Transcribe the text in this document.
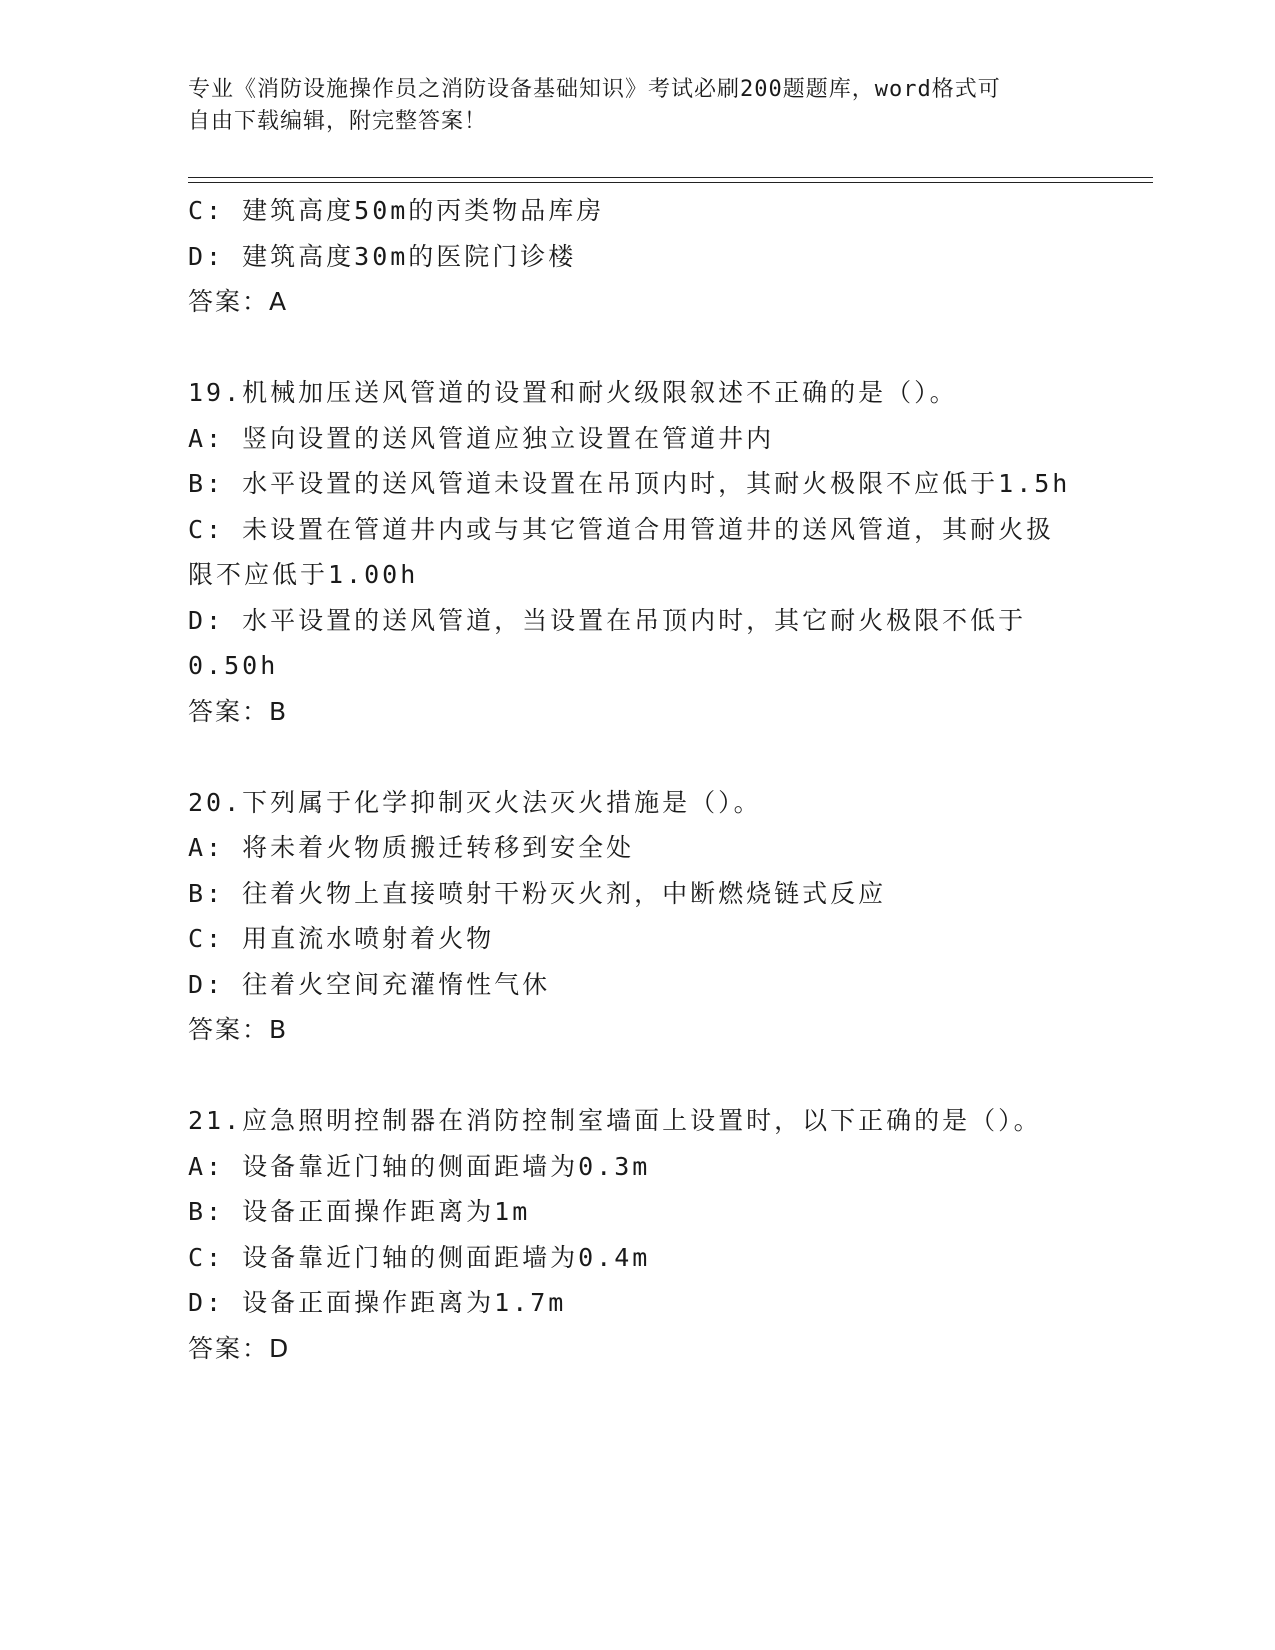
专业《消防设施操作员之消防设备基础知识》考试必刷200题题库，word格式可
自由下载编辑，附完整答案！
C: 建筑高度50m的丙类物品库房
D: 建筑高度30m的医院门诊楼
答案：A
19.机械加压送风管道的设置和耐火级限叙述不正确的是（）。
A: 竖向设置的送风管道应独立设置在管道井内
B: 水平设置的送风管道未设置在吊顶内时，其耐火极限不应低于1.5h
C: 未设置在管道井内或与其它管道合用管道井的送风管道，其耐火扱
限不应低于1.00h
D: 水平设置的送风管道，当设置在吊顶内时，其它耐火极限不低于
0.50h
答案：B
20.下列属于化学抑制灭火法灭火措施是（）。
A: 将未着火物质搬迁转移到安全处
B: 往着火物上直接喷射干粉灭火剂，中断燃烧链式反应
C: 用直流水喷射着火物
D: 往着火空间充灌惰性气休
答案：B
21.应急照明控制器在消防控制室墙面上设置时，以下正确的是（）。
A: 设备靠近门轴的侧面距墙为0.3m
B: 设备正面操作距离为1m
C: 设备靠近门轴的侧面距墙为0.4m
D: 设备正面操作距离为1.7m
答案：D
